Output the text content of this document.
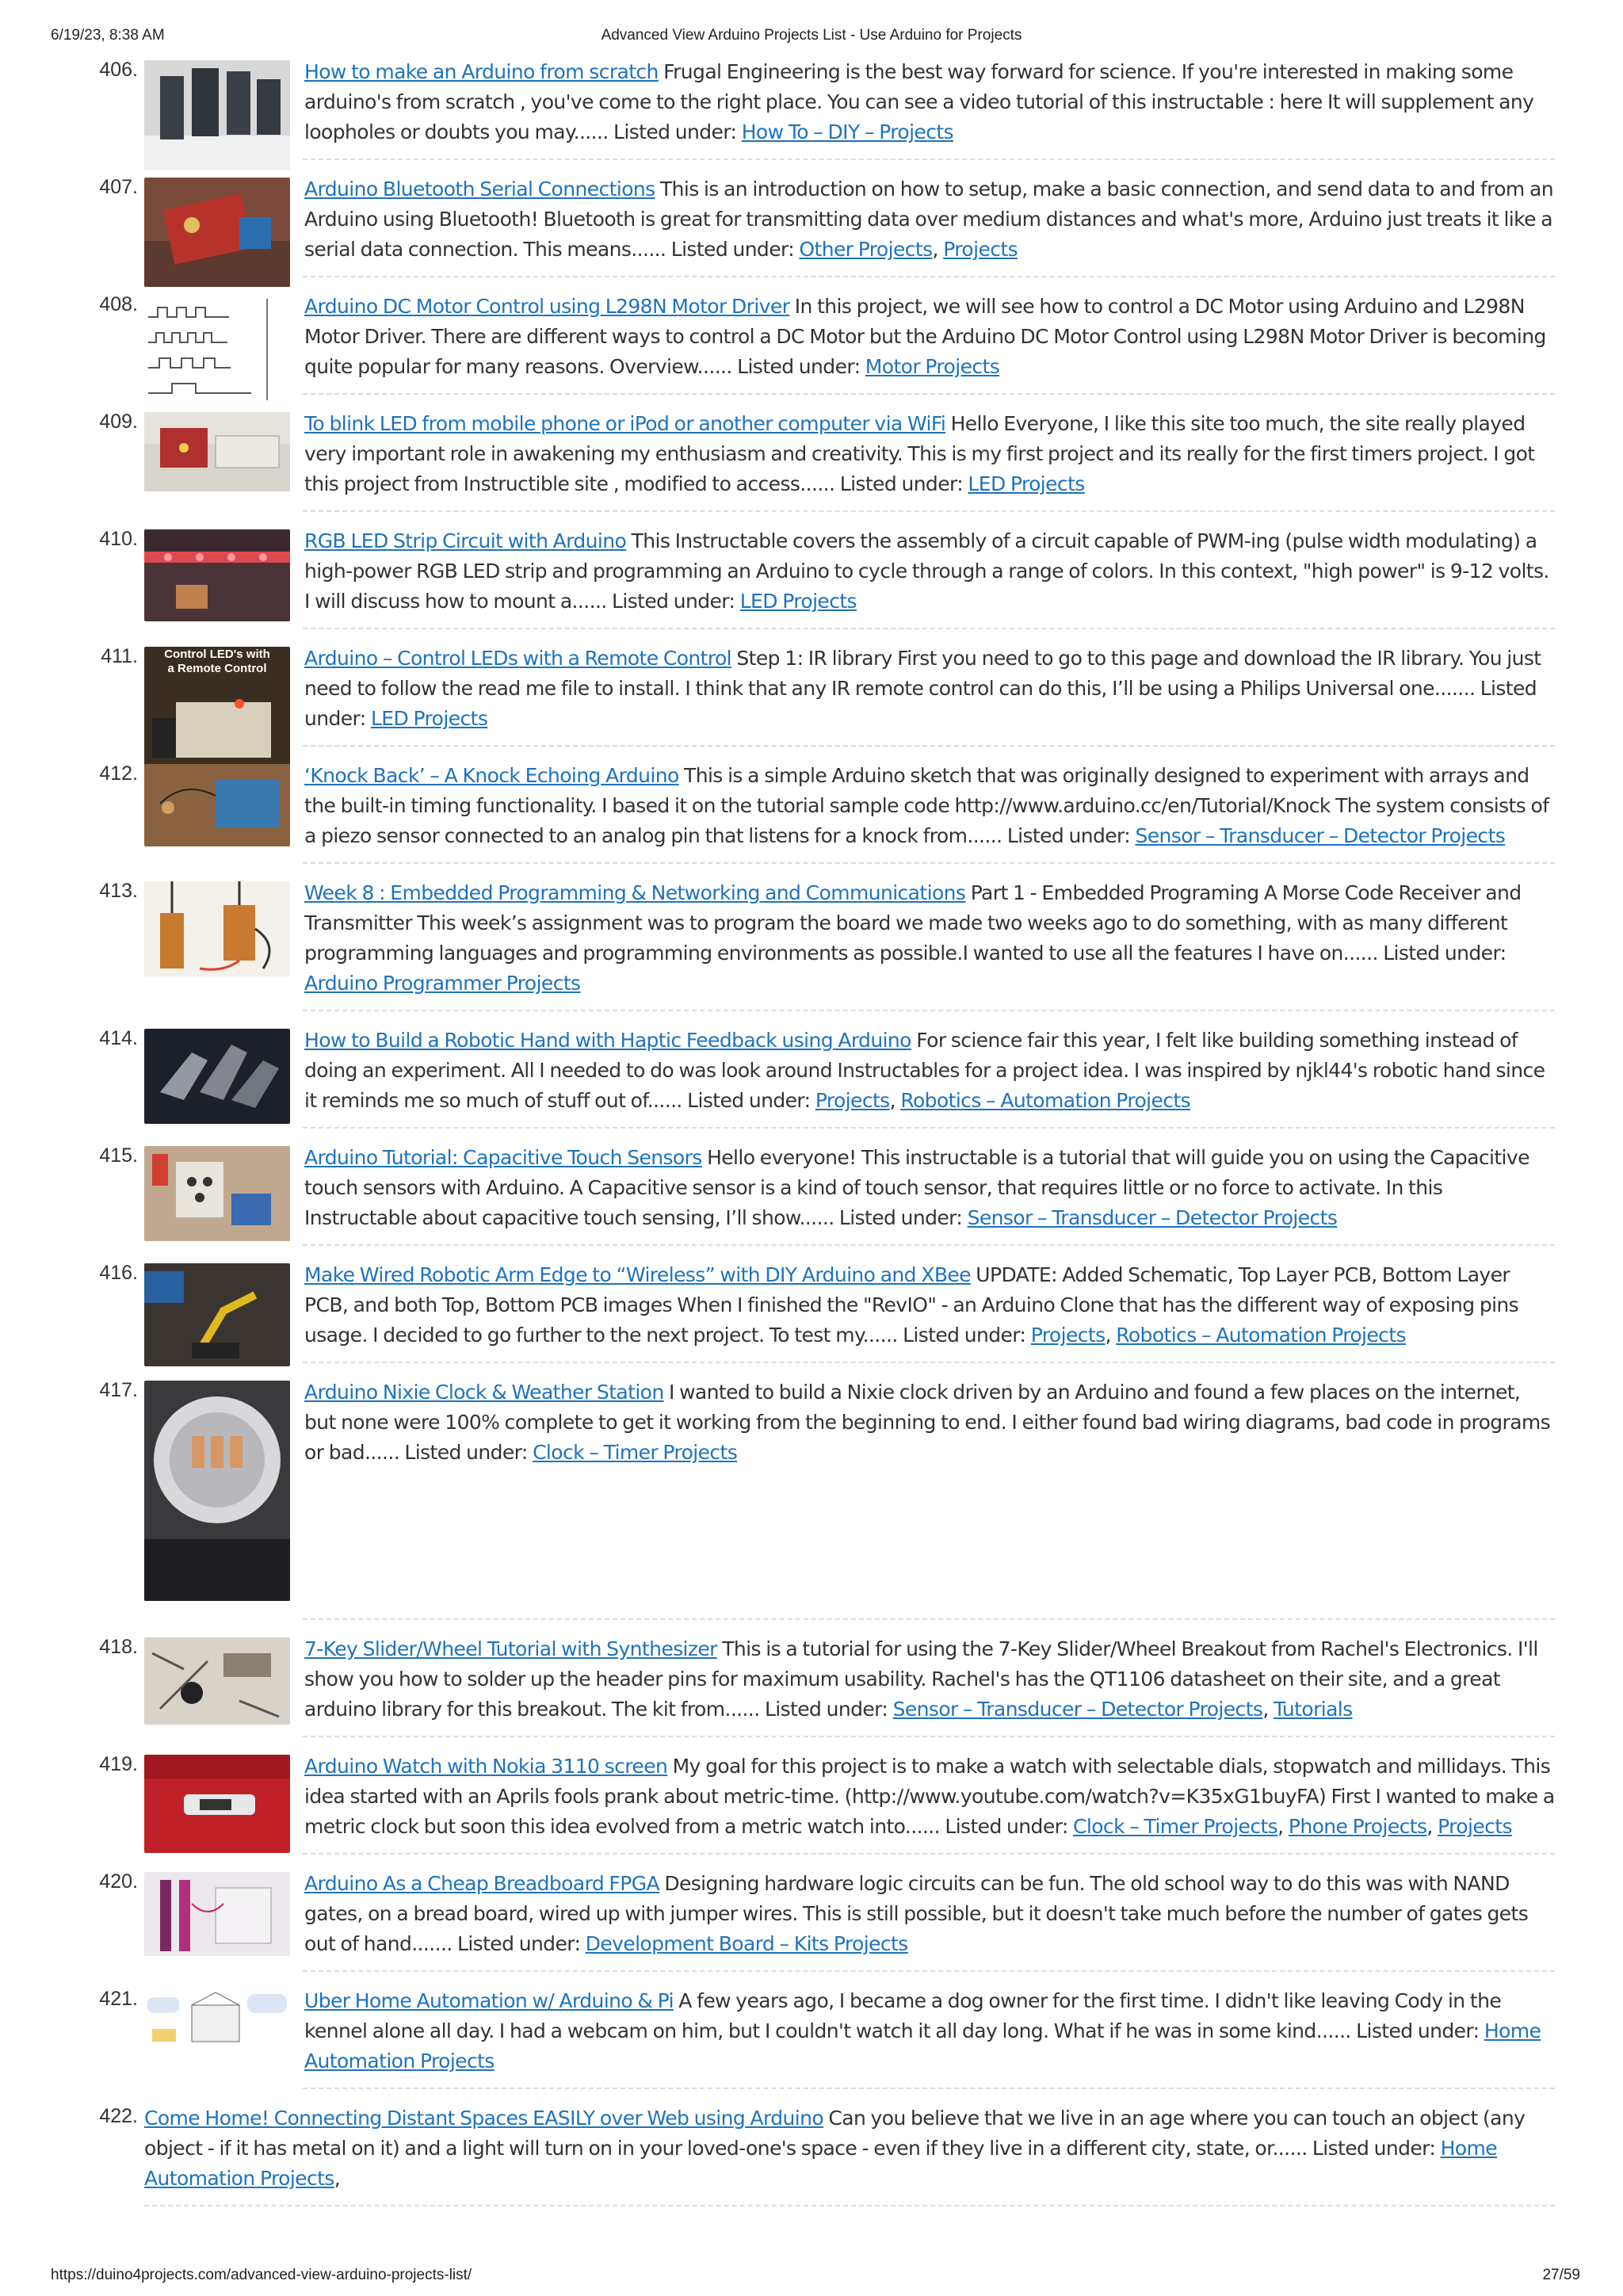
6/19/23, 8:38 AM	Advanced View Arduino Projects List - Use Arduino for Projects
406.	How to make an Arduino from scratch Frugal Engineering is the best way forward for science. If you're interested in making some arduino's from scratch , you've come to the right place. You can see a video tutorial of this instructable : here It will supplement any loopholes or doubts you may...... Listed under: How To – DIY – Projects
407.	Arduino Bluetooth Serial Connections This is an introduction on how to setup, make a basic connection, and send data to and from an Arduino using Bluetooth! Bluetooth is great for transmitting data over medium distances and what's more, Arduino just treats it like a serial data connection. This means...... Listed under: Other Projects, Projects
408.	Arduino DC Motor Control using L298N Motor Driver In this project, we will see how to control a DC Motor using Arduino and L298N Motor Driver. There are different ways to control a DC Motor but the Arduino DC Motor Control using L298N Motor Driver is becoming quite popular for many reasons. Overview...... Listed under: Motor Projects
409.	To blink LED from mobile phone or iPod or another computer via WiFi Hello Everyone, I like this site too much, the site really played very important role in awakening my enthusiasm and creativity. This is my first project and its really for the first timers project. I got this project from Instructible site , modified to access...... Listed under: LED Projects
410.	RGB LED Strip Circuit with Arduino This Instructable covers the assembly of a circuit capable of PWM-ing (pulse width modulating) a high-power RGB LED strip and programming an Arduino to cycle through a range of colors. In this context, "high power" is 9-12 volts. I will discuss how to mount a...... Listed under: LED Projects
411. Control LED's with
a Remote Control Arduino – Control LEDs with a Remote Control Step 1: IR library First you need to go to this page and download the IR library. You just need to follow the read me file to install. I think that any IR remote control can do this, I’ll be using a Philips Universal one....... Listed under: LED Projects
412.	‘Knock Back’ – A Knock Echoing Arduino This is a simple Arduino sketch that was originally designed to experiment with arrays and the built-in timing functionality. I based it on the tutorial sample code http://www.arduino.cc/en/Tutorial/Knock The system consists of a piezo sensor connected to an analog pin that listens for a knock from...... Listed under: Sensor – Transducer – Detector Projects
413.	Week 8 : Embedded Programming & Networking and Communications Part 1 - Embedded Programing A Morse Code Receiver and Transmitter This week’s assignment was to program the board we made two weeks ago to do something, with as many different programming languages and programming environments as possible.I wanted to use all the features I have on...... Listed under: Arduino Programmer Projects
414.	How to Build a Robotic Hand with Haptic Feedback using Arduino For science fair this year, I felt like building something instead of doing an experiment. All I needed to do was look around Instructables for a project idea. I was inspired by njkl44's robotic hand since it reminds me so much of stuff out of...... Listed under: Projects, Robotics – Automation Projects
415.	Arduino Tutorial: Capacitive Touch Sensors Hello everyone! This instructable is a tutorial that will guide you on using the Capacitive touch sensors with Arduino. A Capacitive sensor is a kind of touch sensor, that requires little or no force to activate. In this Instructable about capacitive touch sensing, I’ll show...... Listed under: Sensor – Transducer – Detector Projects
416.	Make Wired Robotic Arm Edge to “Wireless” with DIY Arduino and XBee UPDATE: Added Schematic, Top Layer PCB, Bottom Layer PCB, and both Top, Bottom PCB images When I finished the "RevIO" - an Arduino Clone that has the different way of exposing pins usage. I decided to go further to the next project. To test my...... Listed under: Projects, Robotics – Automation Projects
417.	Arduino Nixie Clock & Weather Station I wanted to build a Nixie clock driven by an Arduino and found a few places on the internet, but none were 100% complete to get it working from the beginning to end. I either found bad wiring diagrams, bad code in programs or bad...... Listed under: Clock – Timer Projects
418.	7-Key Slider/Wheel Tutorial with Synthesizer This is a tutorial for using the 7-Key Slider/Wheel Breakout from Rachel's Electronics. I'll show you how to solder up the header pins for maximum usability. Rachel's has the QT1106 datasheet on their site, and a great arduino library for this breakout. The kit from...... Listed under: Sensor – Transducer – Detector Projects, Tutorials
419.	Arduino Watch with Nokia 3110 screen My goal for this project is to make a watch with selectable dials, stopwatch and millidays. This idea started with an Aprils fools prank about metric-time. (http://www.youtube.com/watch?v=K35xG1buyFA) First I wanted to make a metric clock but soon this idea evolved from a metric watch into...... Listed under: Clock – Timer Projects, Phone Projects, Projects
420.	Arduino As a Cheap Breadboard FPGA Designing hardware logic circuits can be fun. The old school way to do this was with NAND gates, on a bread board, wired up with jumper wires. This is still possible, but it doesn't take much before the number of gates gets out of hand....... Listed under: Development Board – Kits Projects
421.	Uber Home Automation w/ Arduino & Pi A few years ago, I became a dog owner for the first time. I didn't like leaving Cody in the kennel alone all day. I had a webcam on him, but I couldn't watch it all day long. What if he was in some kind...... Listed under: Home Automation Projects
422. Come Home! Connecting Distant Spaces EASILY over Web using Arduino Can you believe that we live in an age where you can touch an object (any object - if it has metal on it) and a light will turn on in your loved-one's space - even if they live in a different city, state, or...... Listed under: Home Automation Projects,
https://duino4projects.com/advanced-view-arduino-projects-list/	27/59
